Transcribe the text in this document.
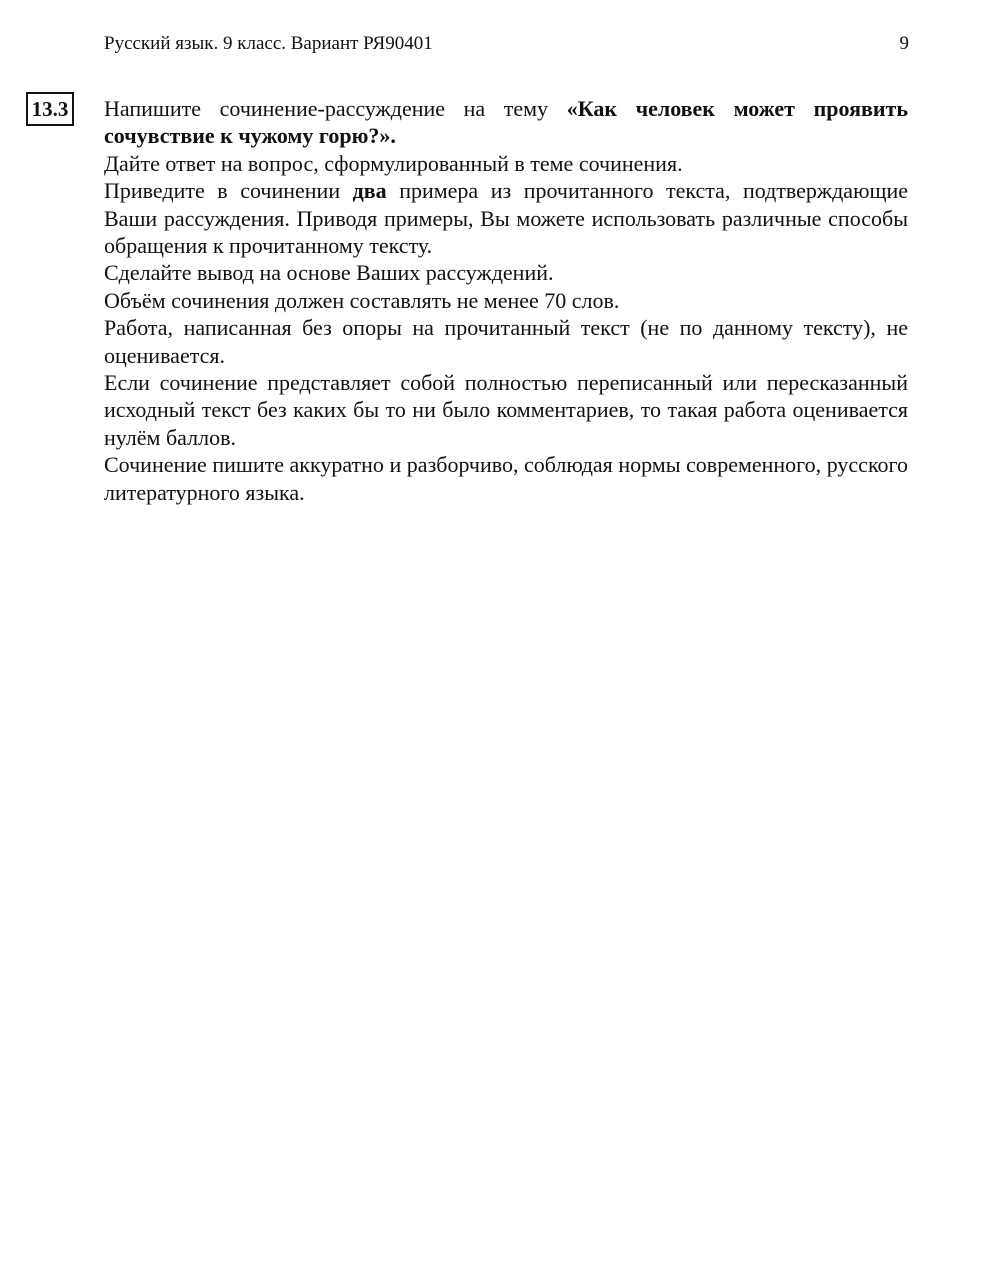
Русский язык. 9 класс. Вариант РЯ90401	9
13.3 Напишите сочинение-рассуждение на тему «Как человек может проявить сочувствие к чужому горю?».

Дайте ответ на вопрос, сформулированный в теме сочинения.

Приведите в сочинении два примера из прочитанного текста, подтверждающие Ваши рассуждения. Приводя примеры, Вы можете использовать различные способы обращения к прочитанному тексту.

Сделайте вывод на основе Ваших рассуждений.

Объём сочинения должен составлять не менее 70 слов.

Работа, написанная без опоры на прочитанный текст (не по данному тексту), не оценивается.

Если сочинение представляет собой полностью переписанный или пересказанный исходный текст без каких бы то ни было комментариев, то такая работа оценивается нулём баллов.

Сочинение пишите аккуратно и разборчиво, соблюдая нормы современного, русского литературного языка.
